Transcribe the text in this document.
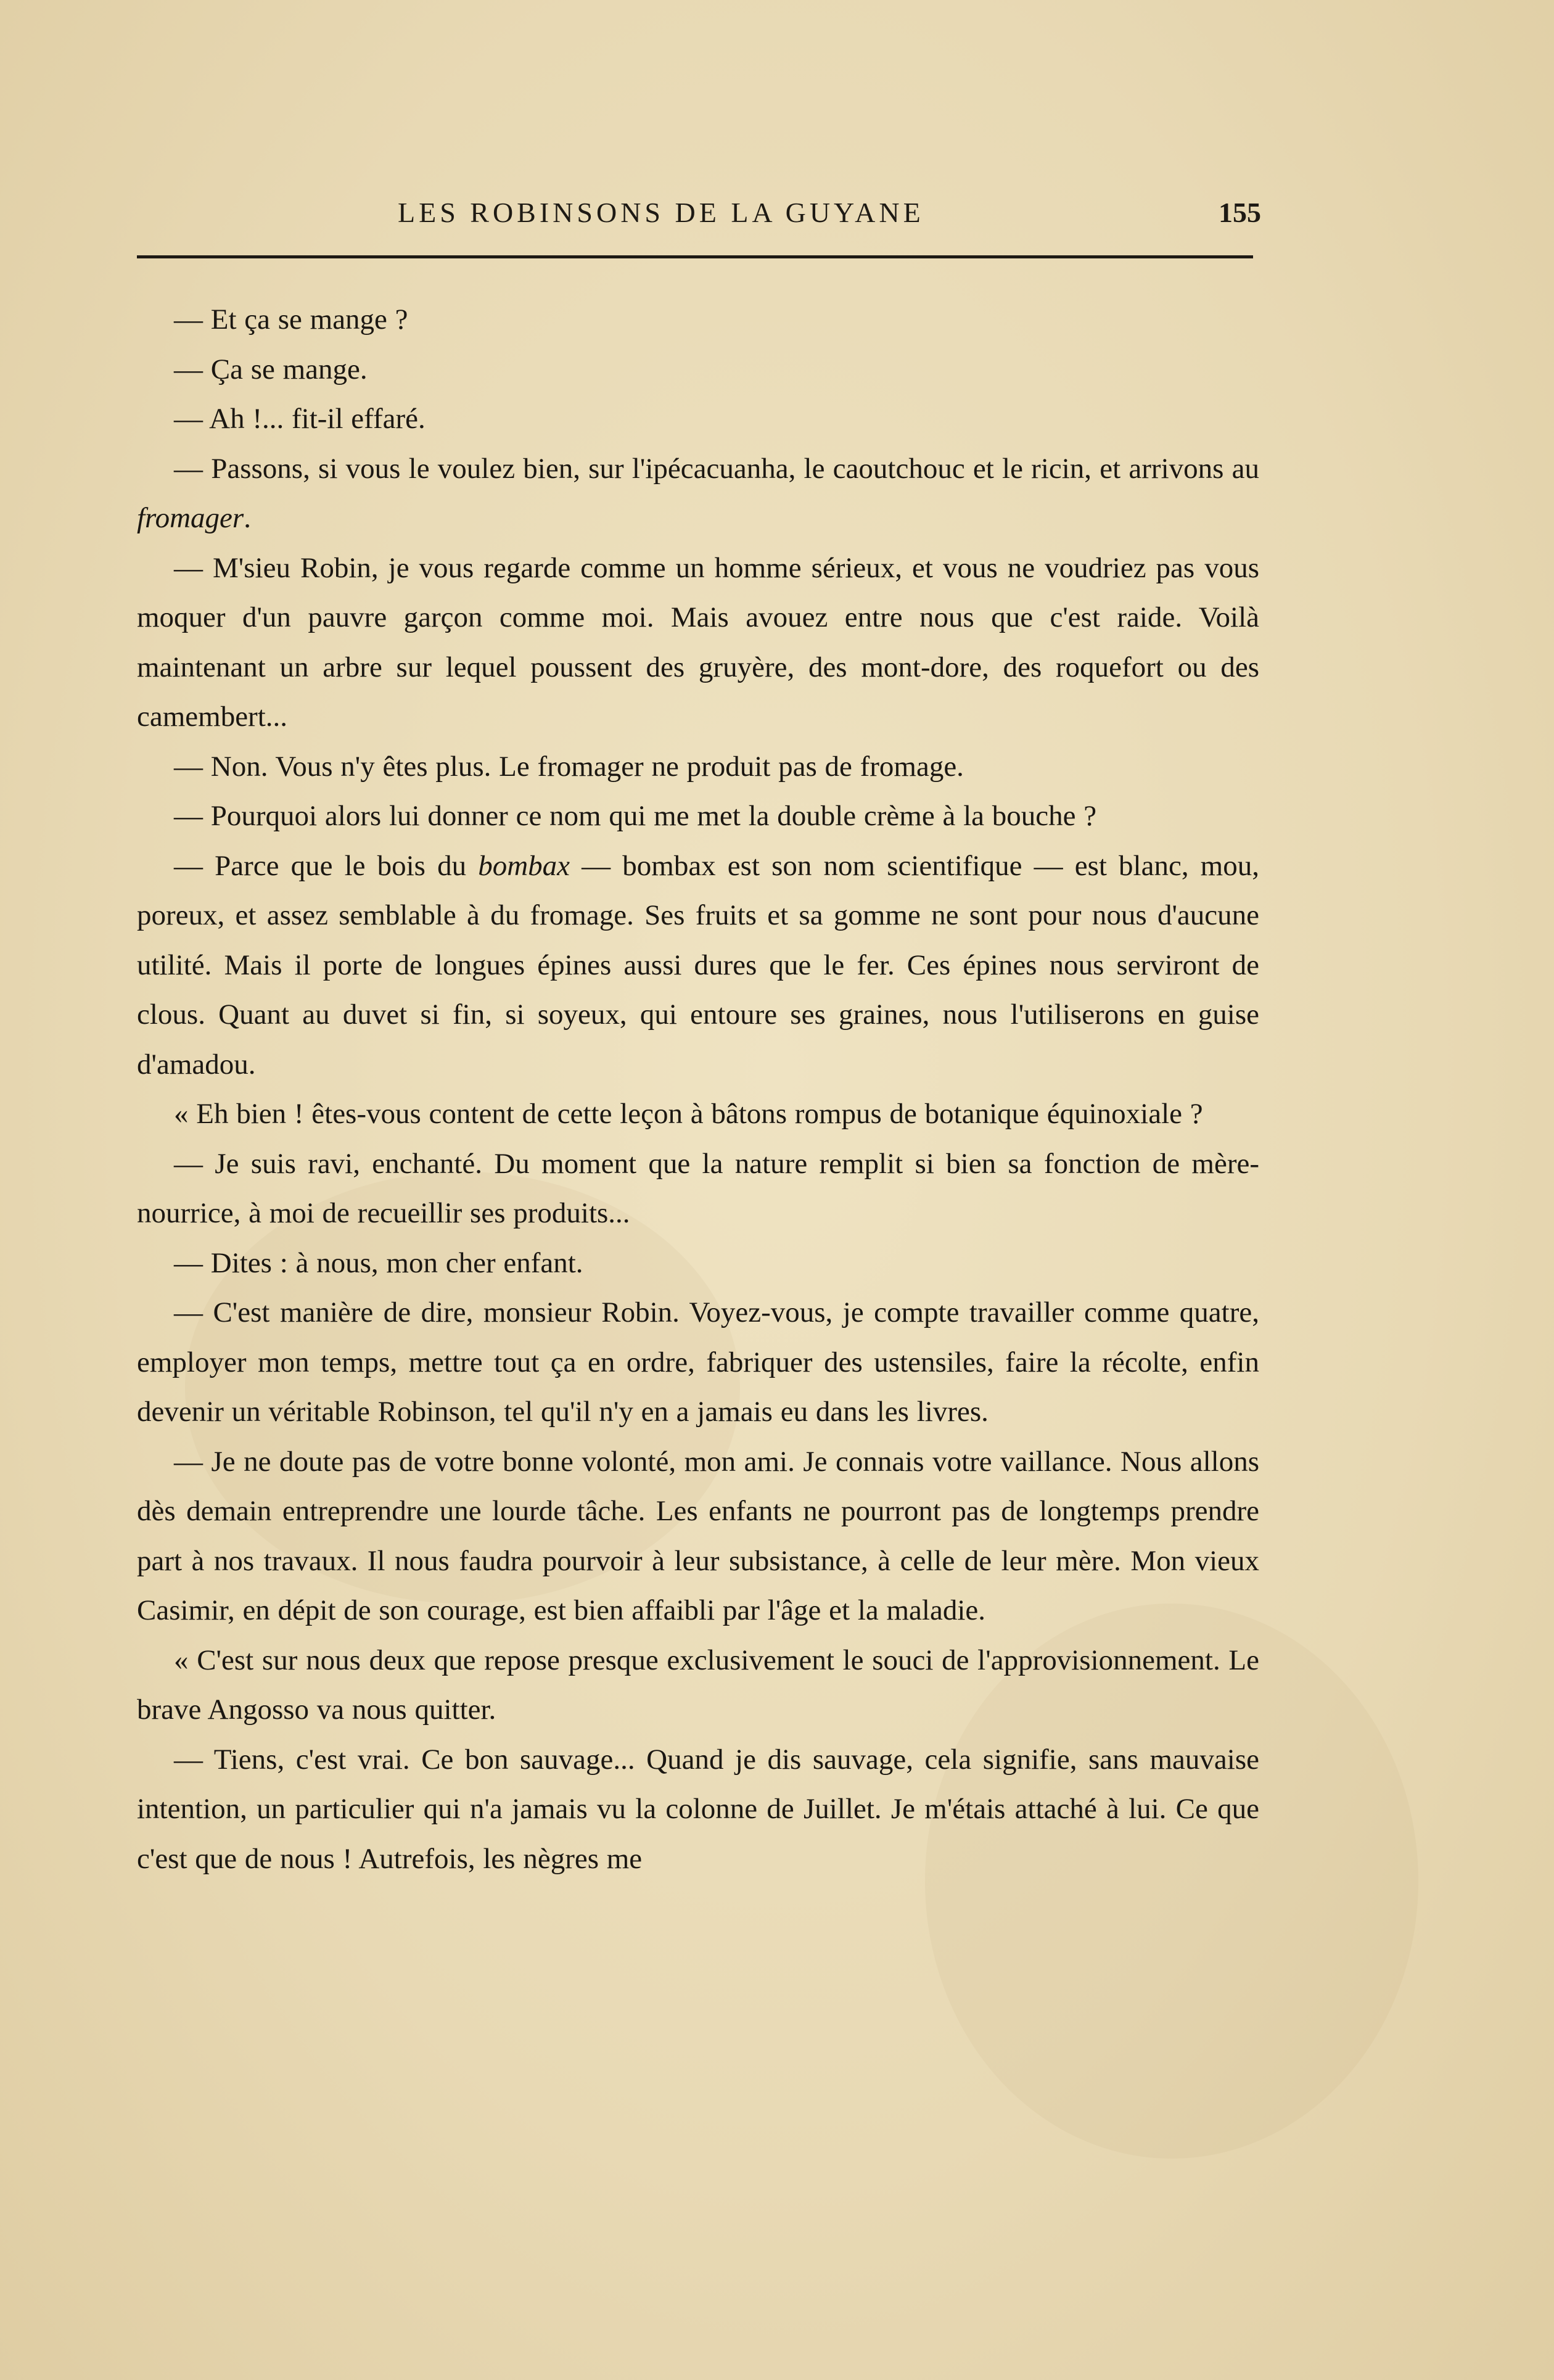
LES ROBINSONS DE LA GUYANE	155

— Et ça se mange ?

— Ça se mange.

— Ah !... fit-il effaré.

— Passons, si vous le voulez bien, sur l'ipécacuanha, le caoutchouc et le ricin, et arrivons au fromager.

— M'sieu Robin, je vous regarde comme un homme sérieux, et vous ne voudriez pas vous moquer d'un pauvre garçon comme moi. Mais avouez entre nous que c'est raide. Voilà maintenant un arbre sur lequel poussent des gruyère, des mont-dore, des roquefort ou des camembert...

— Non. Vous n'y êtes plus. Le fromager ne produit pas de fromage.

— Pourquoi alors lui donner ce nom qui me met la double crème à la bouche ?

— Parce que le bois du bombax — bombax est son nom scientifique — est blanc, mou, poreux, et assez semblable à du fromage. Ses fruits et sa gomme ne sont pour nous d'aucune utilité. Mais il porte de longues épines aussi dures que le fer. Ces épines nous serviront de clous. Quant au duvet si fin, si soyeux, qui entoure ses graines, nous l'utiliserons en guise d'amadou.

« Eh bien ! êtes-vous content de cette leçon à bâtons rompus de botanique équinoxiale ?

— Je suis ravi, enchanté. Du moment que la nature remplit si bien sa fonction de mère-nourrice, à moi de recueillir ses produits...

— Dites : à nous, mon cher enfant.

— C'est manière de dire, monsieur Robin. Voyez-vous, je compte travailler comme quatre, employer mon temps, mettre tout ça en ordre, fabriquer des ustensiles, faire la récolte, enfin devenir un véritable Robinson, tel qu'il n'y en a jamais eu dans les livres.

— Je ne doute pas de votre bonne volonté, mon ami. Je connais votre vaillance. Nous allons dès demain entreprendre une lourde tâche. Les enfants ne pourront pas de longtemps prendre part à nos travaux. Il nous faudra pourvoir à leur subsistance, à celle de leur mère. Mon vieux Casimir, en dépit de son courage, est bien affaibli par l'âge et la maladie.

« C'est sur nous deux que repose presque exclusivement le souci de l'approvisionnement. Le brave Angosso va nous quitter.

— Tiens, c'est vrai. Ce bon sauvage... Quand je dis sauvage, cela signifie, sans mauvaise intention, un particulier qui n'a jamais vu la colonne de Juillet. Je m'étais attaché à lui. Ce que c'est que de nous ! Autrefois, les nègres me
